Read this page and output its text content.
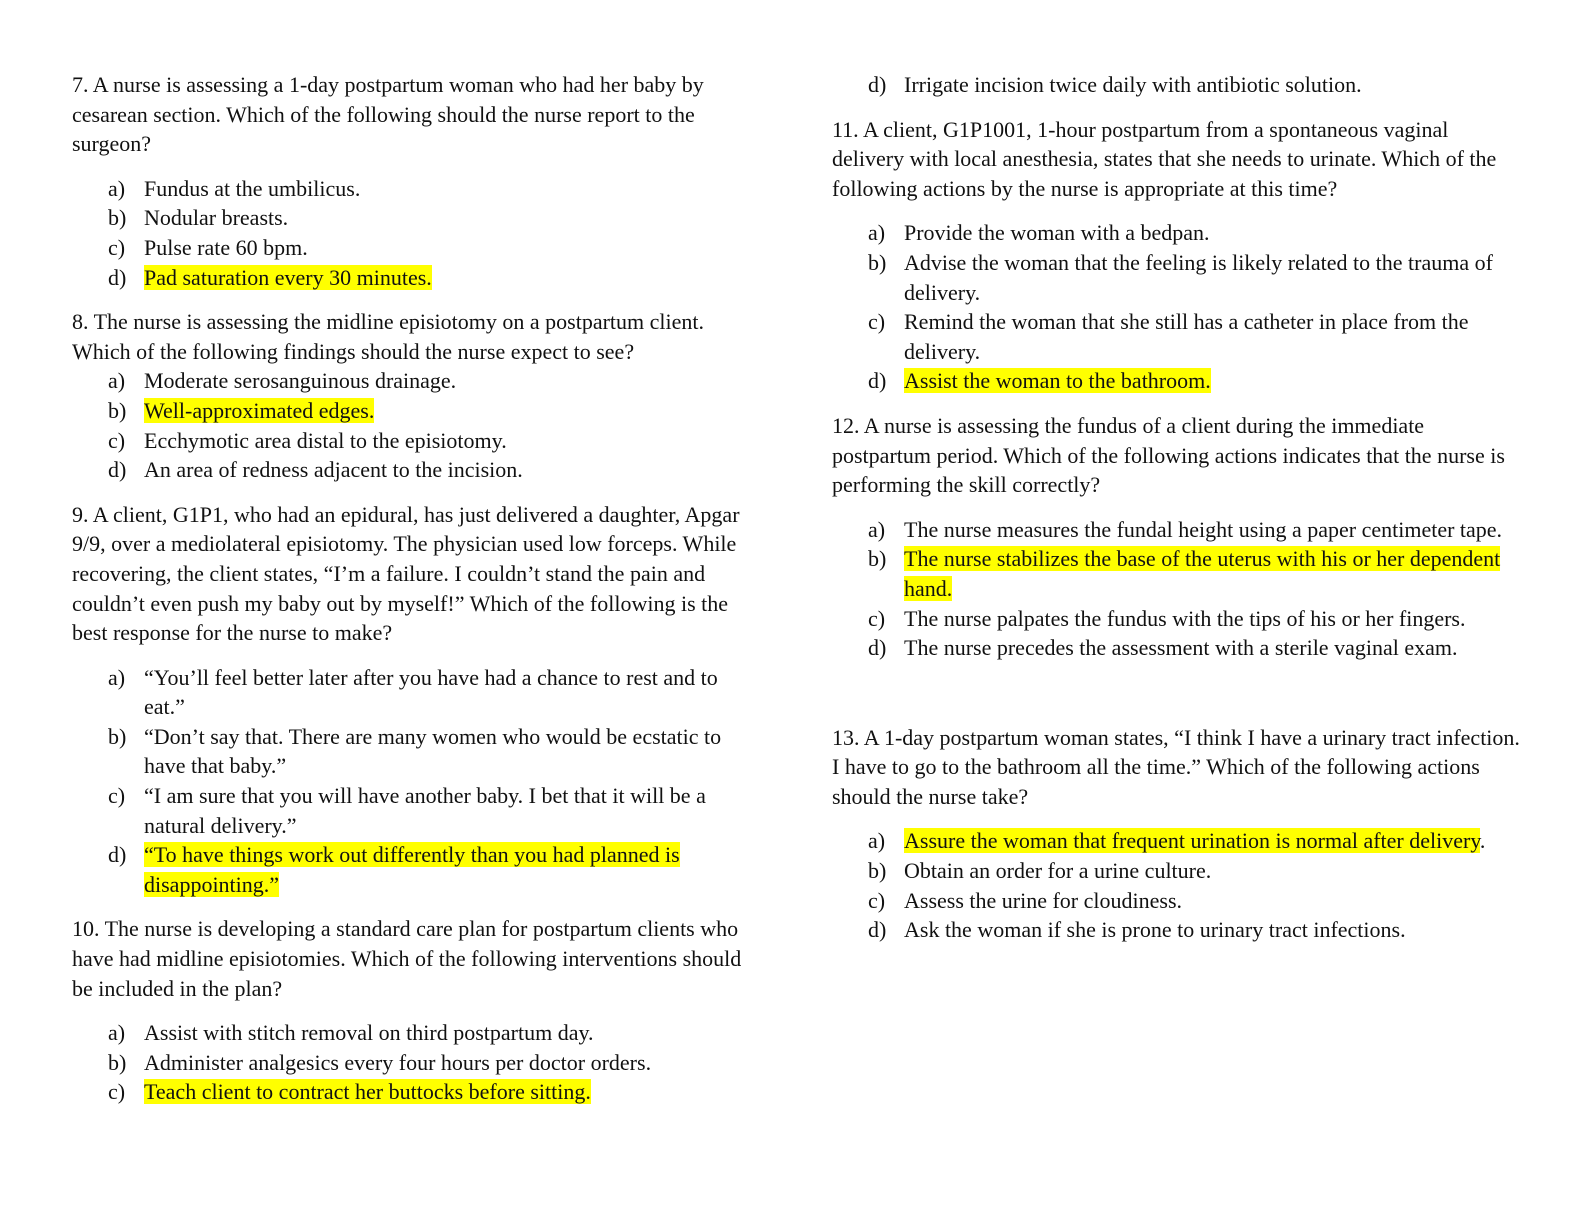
7. A nurse is assessing a 1-day postpartum woman who had her baby by cesarean section. Which of the following should the nurse report to the surgeon?
a) Fundus at the umbilicus.
b) Nodular breasts.
c) Pulse rate 60 bpm.
d) Pad saturation every 30 minutes.
8. The nurse is assessing the midline episiotomy on a postpartum client. Which of the following findings should the nurse expect to see?
a) Moderate serosanguinous drainage.
b) Well-approximated edges.
c) Ecchymotic area distal to the episiotomy.
d) An area of redness adjacent to the incision.
9. A client, G1P1, who had an epidural, has just delivered a daughter, Apgar 9/9, over a mediolateral episiotomy. The physician used low forceps. While recovering, the client states, “I’m a failure. I couldn’t stand the pain and couldn’t even push my baby out by myself!” Which of the following is the best response for the nurse to make?
a) “You’ll feel better later after you have had a chance to rest and to eat.”
b) “Don’t say that. There are many women who would be ecstatic to have that baby.”
c) “I am sure that you will have another baby. I bet that it will be a natural delivery.”
d) “To have things work out differently than you had planned is disappointing.”
10. The nurse is developing a standard care plan for postpartum clients who have had midline episiotomies. Which of the following interventions should be included in the plan?
a) Assist with stitch removal on third postpartum day.
b) Administer analgesics every four hours per doctor orders.
c) Teach client to contract her buttocks before sitting.
d) Irrigate incision twice daily with antibiotic solution.
11. A client, G1P1001, 1-hour postpartum from a spontaneous vaginal delivery with local anesthesia, states that she needs to urinate. Which of the following actions by the nurse is appropriate at this time?
a) Provide the woman with a bedpan.
b) Advise the woman that the feeling is likely related to the trauma of delivery.
c) Remind the woman that she still has a catheter in place from the delivery.
d) Assist the woman to the bathroom.
12. A nurse is assessing the fundus of a client during the immediate postpartum period. Which of the following actions indicates that the nurse is performing the skill correctly?
a) The nurse measures the fundal height using a paper centimeter tape.
b) The nurse stabilizes the base of the uterus with his or her dependent hand.
c) The nurse palpates the fundus with the tips of his or her fingers.
d) The nurse precedes the assessment with a sterile vaginal exam.
13. A 1-day postpartum woman states, “I think I have a urinary tract infection. I have to go to the bathroom all the time.” Which of the following actions should the nurse take?
a) Assure the woman that frequent urination is normal after delivery.
b) Obtain an order for a urine culture.
c) Assess the urine for cloudiness.
d) Ask the woman if she is prone to urinary tract infections.
